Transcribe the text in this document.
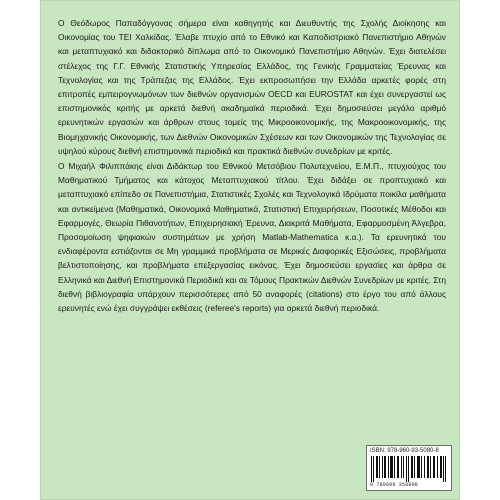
Ο Θεόδωρος Παπαδόγγονας σήμερα είναι καθηγητής και Διευθυντής της Σχολής Διοίκησης και Οικονομίας του ΤΕΙ Χαλκίδας. Έλαβε πτυχίο από το Εθνικό και Καποδιστριακό Πανεπιστήμιο Αθηνών και μεταπτυχιακό και διδακτορικό δίπλωμα από το Οικονομικό Πανεπιστήμιο Αθηνών. Έχει διατελέσει στέλεχος της Γ.Γ. Εθνικής Στατιστικής Υπηρεσίας Ελλάδος, της Γενικής Γραμματείας Έρευνας και Τεχνολογίας και της Τράπεζας της Ελλάδος. Έχει εκπροσωπήσει την Ελλάδα αρκετές φορές στη επιτροπές εμπειρογνωμόνων των διεθνών οργανισμών OECD και EUROSTAT και έχει συνεργαστεί ως επιστημονικός κριτής με αρκετά διεθνή ακαδημαϊκά περιοδικά. Έχει δημοσιεύσει μεγάλο αριθμό ερευνητικών εργασιών και άρθρων στους τομείς της Μικροοικονομικής, της Μακροοικονομικής, της Βιομηχανικής Οικονομικής, των Διεθνών Οικονομικών Σχέσεων και των Οικονομικών της Τεχνολογίας σε υψηλού κύρους διεθνή επιστημονικά περιοδικά και πρακτικά διεθνών συνεδρίων με κριτές.

Ο Μιχαήλ Φιλιππάκης είναι Διδάκτωρ του Εθνικού Μετσόβιου Πολυτεχνείου, Ε.Μ.Π., πτυχιούχος του Μαθηματικού Τμήματος και κάτοχος Μεταπτυχιακού τίτλου. Έχει διδάξει σε προπτυχιακό και μεταπτυχιακό επίπεδο σε Πανεπιστήμια, Στατιστικές Σχολές και Τεχνολογικά Ιδρύματα ποικίλα μαθήματα και αντικείμενα (Μαθηματικά, Οικονομικά Μαθηματικά, Στατιστική Επιχειρήσεων, Ποσοτικές Μέθοδοι και Εφαρμογές, Θεωρία Πιθανοτήτων, Επιχειρησιακή Έρευνα, Διακριτά Μαθήματα, Εφαρμοσμένη Άλγεβρα, Προσομοίωση ψηφιακών συστημάτων με χρήση Matlab-Mathematica κ.α.). Τα ερευνητικά του ενδιαφέροντα εστιάζονται σε Μη γραμμικά προβλήματα σε Μερικές Διαφορικές Εξισώσεις, προβλήματα βελτιστοποίησης, και προβλήματα επεξεργασίας εικόνας. Έχει δημοσιεύσει εργασίες και άρθρα σε Ελληνικά και Διεθνή Επιστημονικά Περιοδικά και σε Τόμους Πρακτικών Διεθνών Συνεδρίων με κριτές. Στη διεθνή βιβλιογραφία υπάρχουν περισσότερες από 50 αναφορές (citations) στο έργο του από άλλους ερευνητές ενώ έχει συγγράψει εκθέσεις (referee's reports) για αρκετά διεθνή περιοδικά.

ISBN: 978-960-93-5080-8
9 789609 350808
